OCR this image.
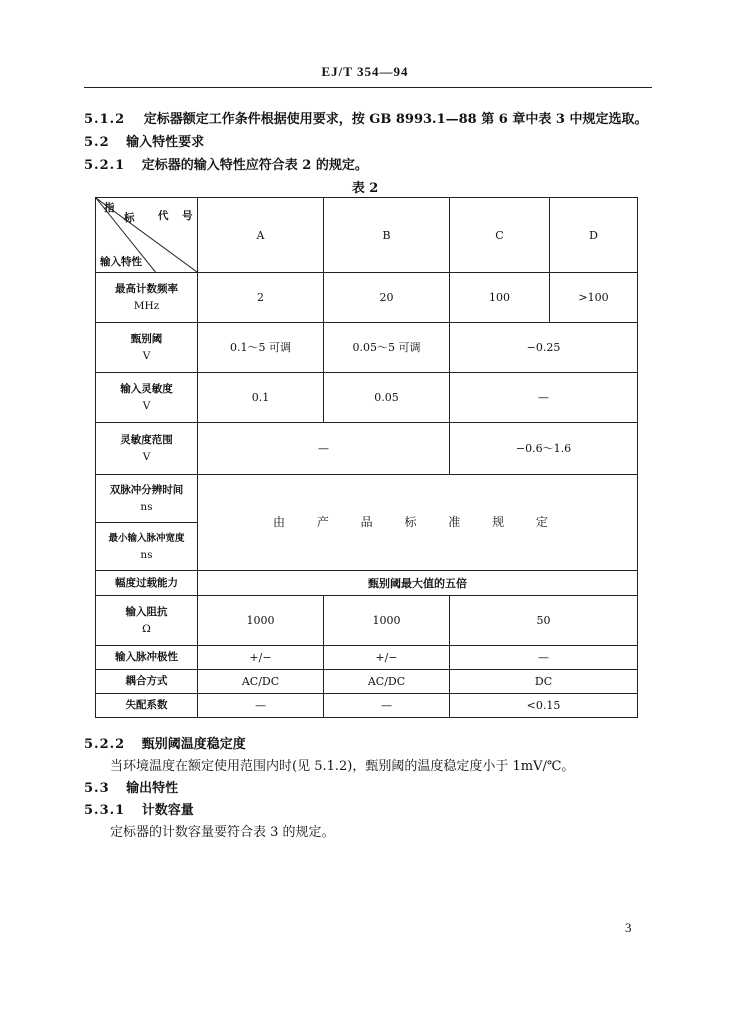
EJ/T 354—94
5.1.2 定标器额定工作条件根据使用要求，按 GB 8993.1—88 第 6 章中表 3 中规定选取。
5.2 输入特性要求
5.2.1 定标器的输入特性应符合表 2 的规定。
表 2
指
标 代 号
输入特性	A	B	C	D

最高计数频率
MHz	2	20	100	>100

甄别阈
V	0.1～5 可调	0.05～5 可调	−0.25	

输入灵敏度
V	0.1	0.05	—	

灵敏度范围
V	—		−0.6～1.6	

双脉冲分辨时间
ns	由 产 品 标 准 规 定			

最小输入脉冲宽度
ns				

幅度过载能力	甄别阈最大值的五倍			

输入阻抗
Ω	1000	1000	50	
输入脉冲极性	+/−	+/−	—	
耦合方式	AC/DC	AC/DC	DC	
失配系数	—	—	<0.15	
5.2.2 甄别阈温度稳定度
当环境温度在额定使用范围内时(见 5.1.2)，甄别阈的温度稳定度小于 1mV/℃。
5.3 输出特性
5.3.1 计数容量
定标器的计数容量要符合表 3 的规定。
3
